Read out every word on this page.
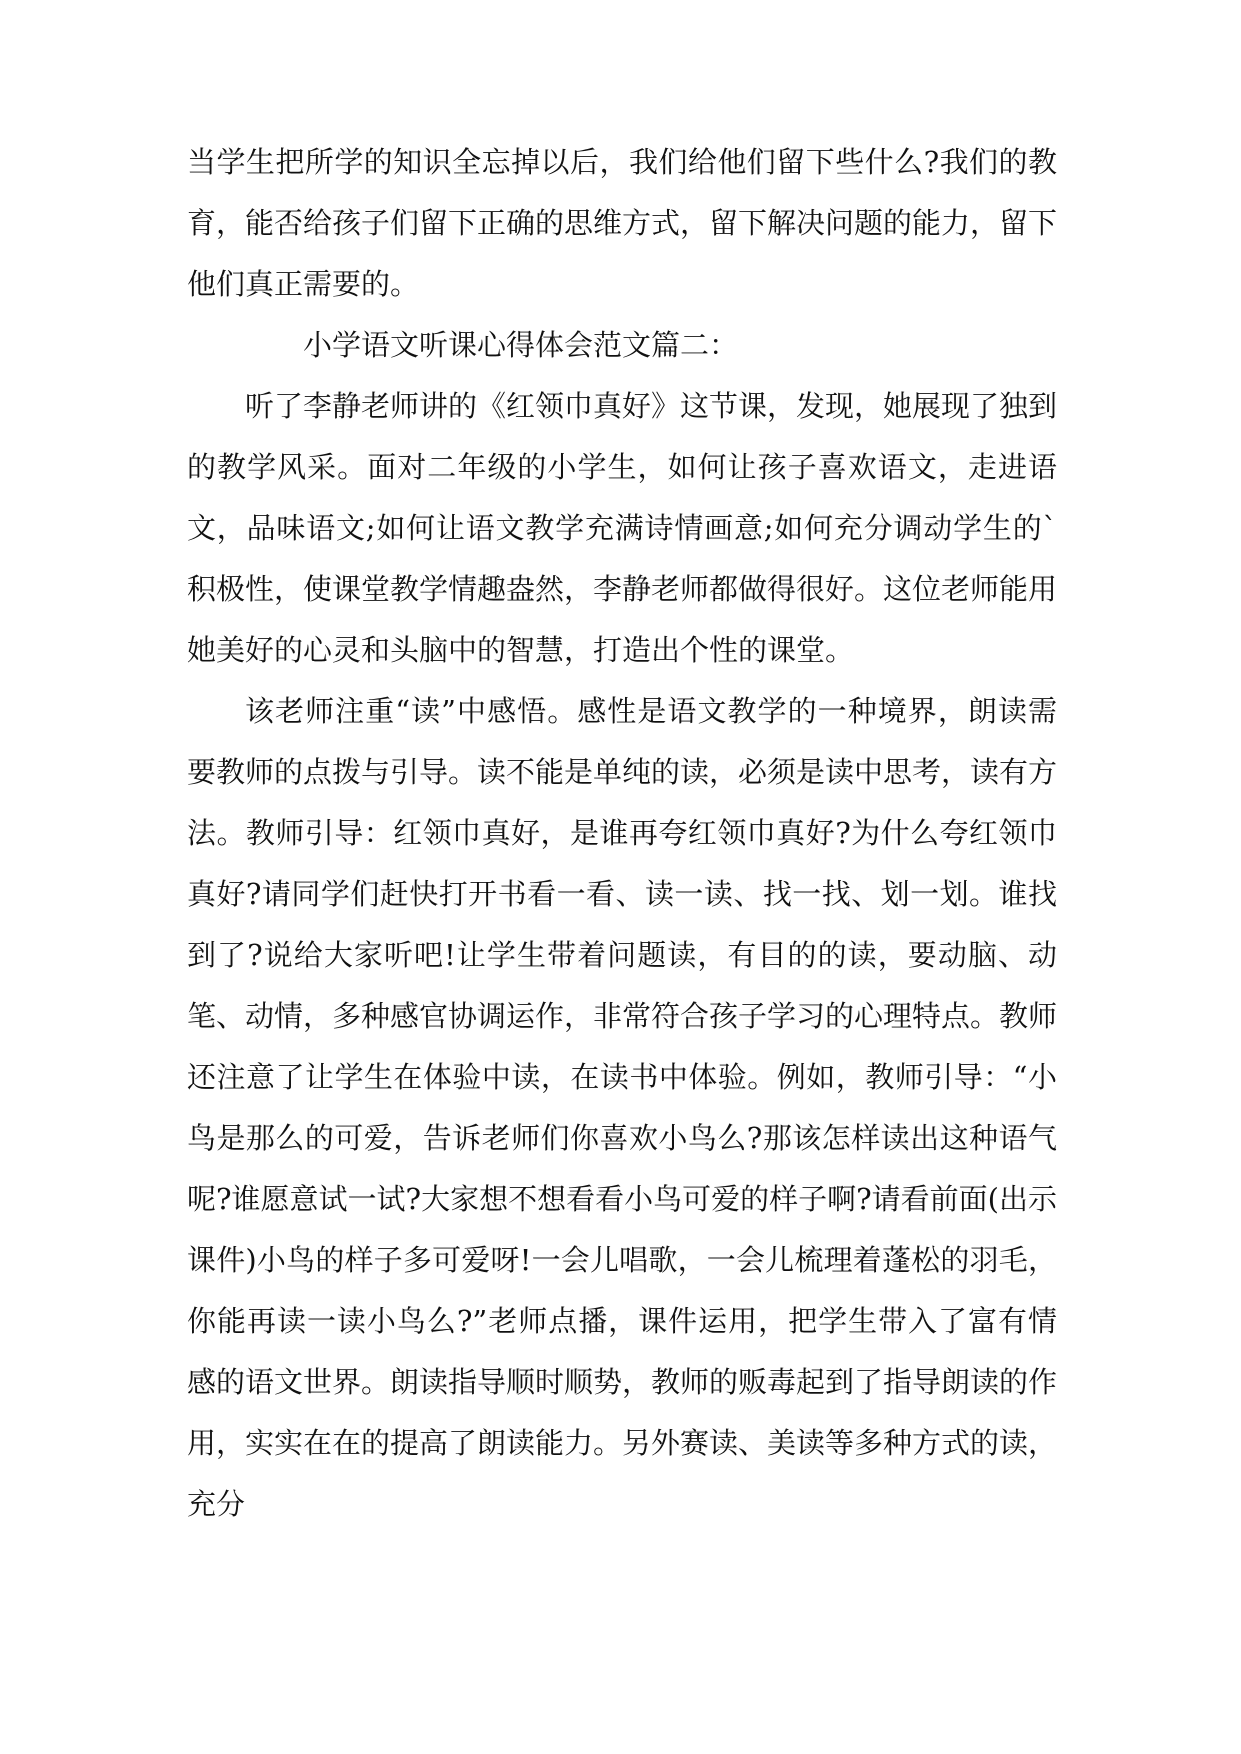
当学生把所学的知识全忘掉以后，我们给他们留下些什么?我们的教育，能否给孩子们留下正确的思维方式，留下解决问题的能力，留下他们真正需要的。

小学语文听课心得体会范文篇二：

听了李静老师讲的《红领巾真好》这节课，发现，她展现了独到的教学风采。面对二年级的小学生，如何让孩子喜欢语文，走进语文，品味语文;如何让语文教学充满诗情画意;如何充分调动学生的`积极性，使课堂教学情趣盎然，李静老师都做得很好。这位老师能用她美好的心灵和头脑中的智慧，打造出个性的课堂。

该老师注重“读”中感悟。感性是语文教学的一种境界，朗读需要教师的点拨与引导。读不能是单纯的读，必须是读中思考，读有方法。教师引导：红领巾真好，是谁再夸红领巾真好?为什么夸红领巾真好?请同学们赶快打开书看一看、读一读、找一找、划一划。谁找到了?说给大家听吧!让学生带着问题读，有目的的读，要动脑、动笔、动情，多种感官协调运作，非常符合孩子学习的心理特点。教师还注意了让学生在体验中读，在读书中体验。例如，教师引导：“小鸟是那么的可爱，告诉老师们你喜欢小鸟么?那该怎样读出这种语气呢?谁愿意试一试?大家想不想看看小鸟可爱的样子啊?请看前面(出示课件)小鸟的样子多可爱呀!一会儿唱歌，一会儿梳理着蓬松的羽毛，你能再读一读小鸟么?”老师点播，课件运用，把学生带入了富有情感的语文世界。朗读指导顺时顺势，教师的贩毒起到了指导朗读的作用，实实在在的提高了朗读能力。另外赛读、美读等多种方式的读，充分
